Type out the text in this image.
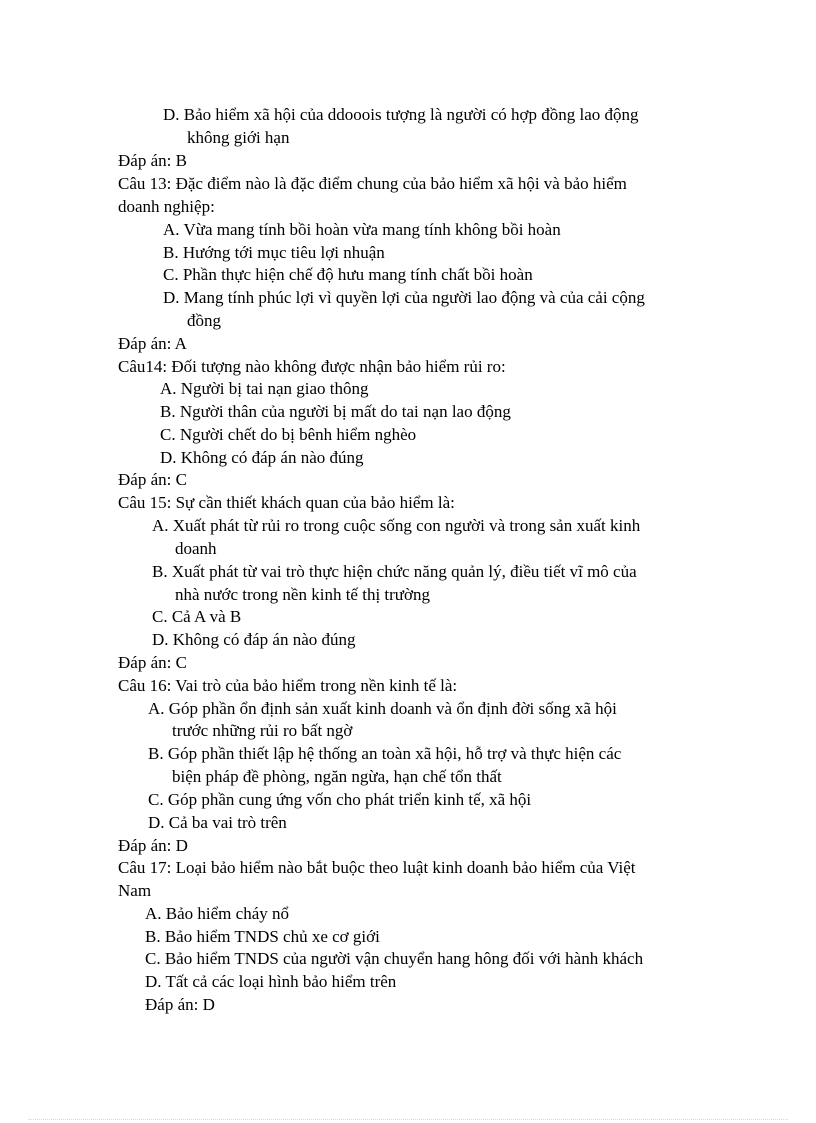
D. Bảo hiểm xã hội của ddooois tượng là người có hợp đồng lao động
không giới hạn
Đáp án: B
Câu 13: Đặc điểm nào là đặc điểm chung của bảo hiểm xã hội và bảo hiểm
doanh nghiệp:
A. Vừa mang tính bồi hoàn vừa mang tính không bồi hoàn
B. Hướng tới mục tiêu lợi nhuận
C. Phần thực hiện chế độ hưu mang tính chất bồi hoàn
D. Mang tính phúc lợi vì quyền lợi của người lao động và của cải cộng
đồng
Đáp án: A
Câu14: Đối tượng nào không được nhận bảo hiểm rủi ro:
A. Người bị tai nạn giao thông
B. Người thân của người bị mất do tai nạn lao động
C. Người chết do bị bênh hiểm nghèo
D. Không có đáp án nào đúng
Đáp án: C
Câu 15: Sự cần thiết khách quan của bảo hiểm là:
A. Xuất phát từ rủi ro trong cuộc sống con người và trong sản xuất kinh
doanh
B. Xuất phát từ vai trò thực hiện chức năng quản lý, điều tiết vĩ mô của
nhà nước trong nền kinh tế thị trường
C. Cả A và B
D. Không có đáp án nào đúng
Đáp án: C
Câu 16: Vai trò của bảo hiểm trong nền kinh tế là:
A. Góp phần ổn định sản xuất kinh doanh và ổn định đời sống xã hội
trước những rủi ro bất ngờ
B. Góp phần thiết lập hệ thống an toàn xã hội, hỗ trợ và thực hiện các
biện pháp đề phòng, ngăn ngừa, hạn chế tổn thất
C. Góp phần cung ứng vốn cho phát triển kinh tế, xã hội
D. Cả ba vai trò trên
Đáp án: D
Câu 17: Loại bảo hiểm nào bắt buộc theo luật kinh doanh bảo hiểm của Việt
Nam
A. Bảo hiểm cháy nổ
B. Bảo hiểm TNDS chủ xe cơ giới
C. Bảo hiểm TNDS của người vận chuyển hang hông đối với hành khách
D. Tất cả các loại hình bảo hiểm trên
Đáp án: D
